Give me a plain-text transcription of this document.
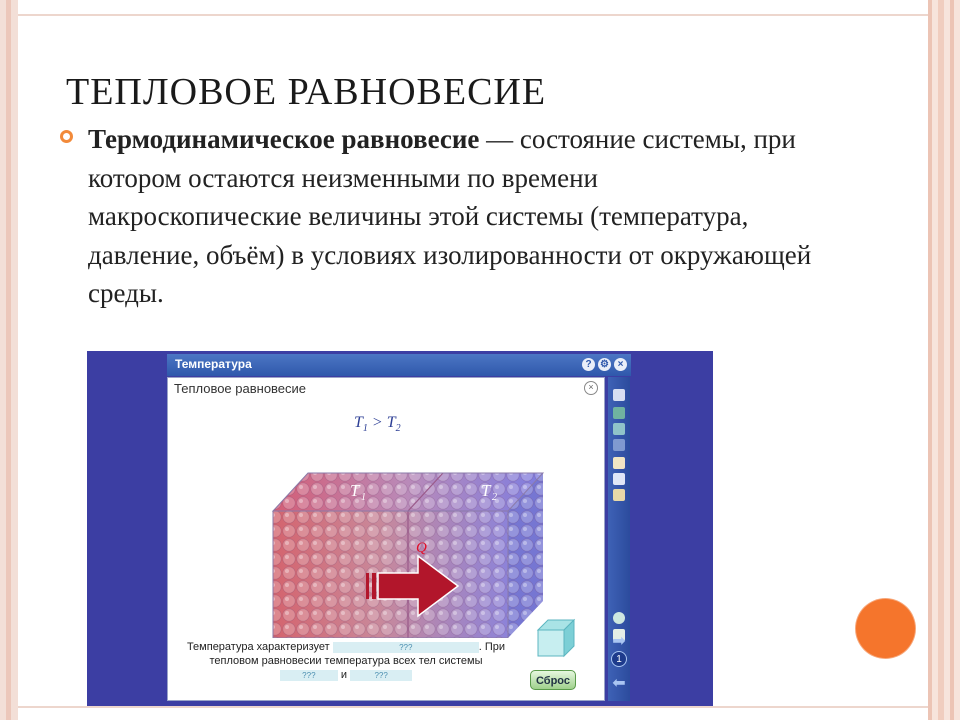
ТЕПЛОВОЕ РАВНОВЕСИЕ
Термодинамическое равновесие — состояние системы, при котором остаются неизменными по времени макроскопические величины этой системы (температура, давление, объём) в условиях изолированности от окружающей среды.
Температура	? ⚙ ×
Тепловое равновесие	×
$T_1 > T_2$
T 1	T 2
Q
Температура характеризует	???	. При
тепловом равновесии температура всех тел системы
??? и	???	Сброс
➡
1
⬅
